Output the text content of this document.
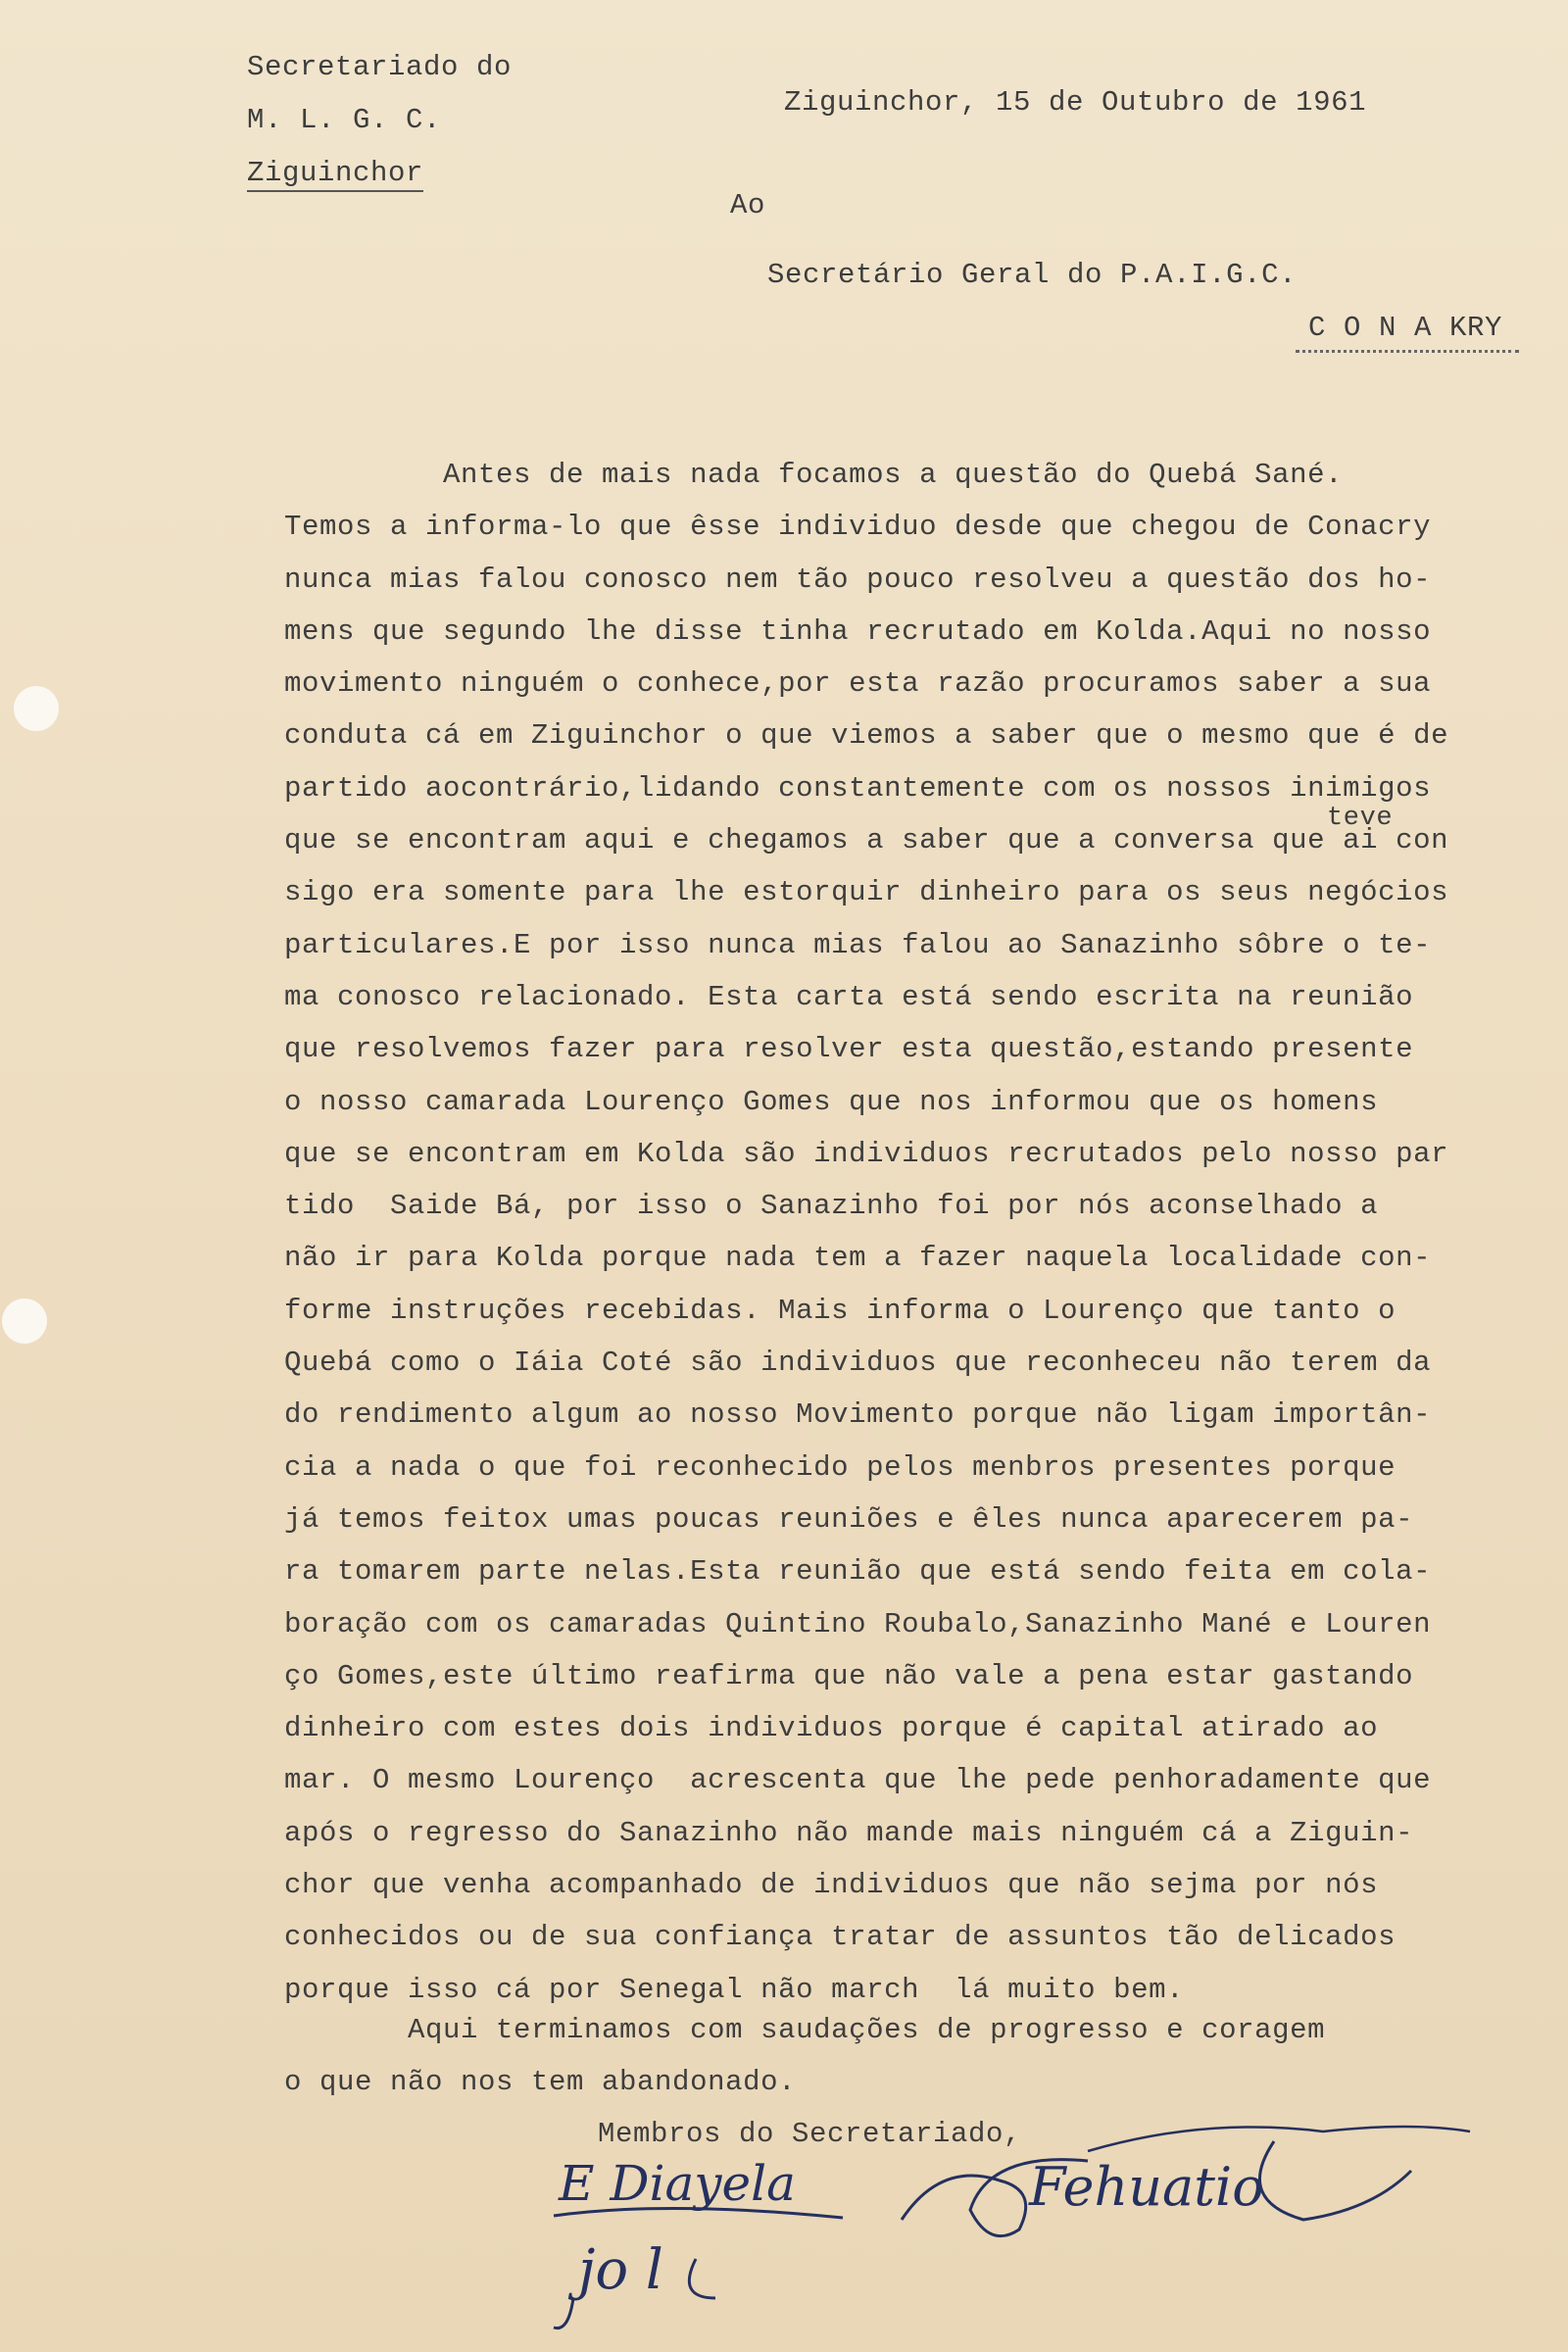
Secretariado do
M. L. G. C.
Ziguinchor
Ziguinchor, 15 de Outubro de 1961
Ao
Secretário Geral do P.A.I.G.C.
C O N A KRY
teve
Antes de mais nada focamos a questão do Quebá Sané.
Temos a informa-lo que êsse individuo desde que chegou de Conacry
nunca mias falou conosco nem tão pouco resolveu a questão dos ho-
mens que segundo lhe disse tinha recrutado em Kolda.Aqui no nosso
movimento ninguém o conhece,por esta razão procuramos saber a sua
conduta cá em Ziguinchor o que viemos a saber que o mesmo que é de
partido aocontrário,lidando constantemente com os nossos inimigos
que se encontram aqui e chegamos a saber que a conversa que ai con
sigo era somente para lhe estorquir dinheiro para os seus negócios
particulares.E por isso nunca mias falou ao Sanazinho sôbre o te-
ma conosco relacionado. Esta carta está sendo escrita na reunião
que resolvemos fazer para resolver esta questão,estando presente
o nosso camarada Lourenço Gomes que nos informou que os homens
que se encontram em Kolda são individuos recrutados pelo nosso par
tido  Saide Bá, por isso o Sanazinho foi por nós aconselhado a
não ir para Kolda porque nada tem a fazer naquela localidade con-
forme instruções recebidas. Mais informa o Lourenço que tanto o
Quebá como o Iáia Coté são individuos que reconheceu não terem da
do rendimento algum ao nosso Movimento porque não ligam importân-
cia a nada o que foi reconhecido pelos menbros presentes porque
já temos feitox umas poucas reuniões e êles nunca aparecerem pa-
ra tomarem parte nelas.Esta reunião que está sendo feita em cola-
boração com os camaradas Quintino Roubalo,Sanazinho Mané e Louren
ço Gomes,este último reafirma que não vale a pena estar gastando
dinheiro com estes dois individuos porque é capital atirado ao
mar. O mesmo Lourenço  acrescenta que lhe pede penhoradamente que
após o regresso do Sanazinho não mande mais ninguém cá a Ziguin-
chor que venha acompanhado de individuos que não sejma por nós
conhecidos ou de sua confiança tratar de assuntos tão delicados
porque isso cá por Senegal não march  lá muito bem.
Aqui terminamos com saudações de progresso e coragem
o que não nos tem abandonado.
Membros do Secretariado,
E Diayela	Fehuatio
jo l
